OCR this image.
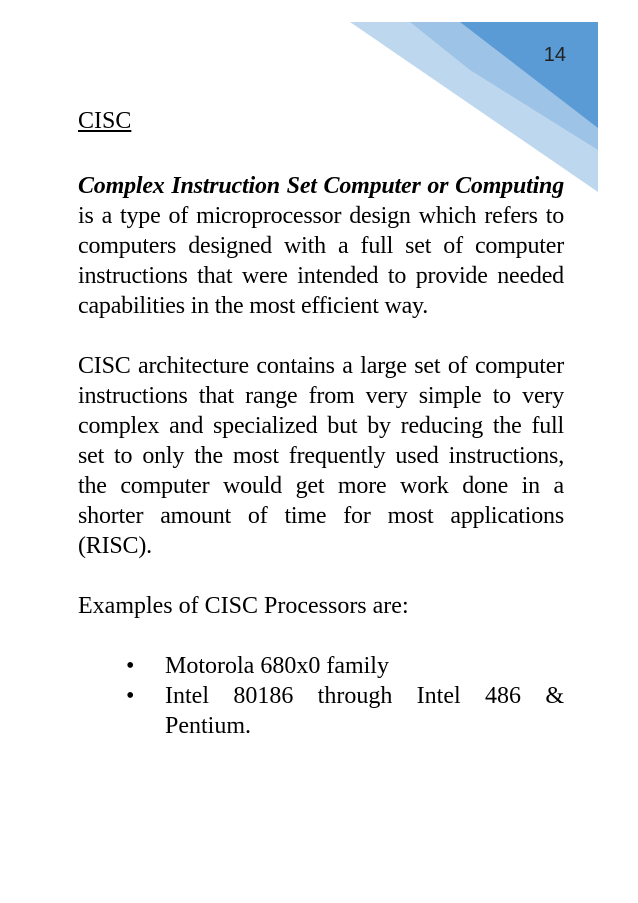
14
CISC

Complex Instruction Set Computer or Computing is a type of microprocessor design which refers to computers designed with a full set of computer instructions that were intended to provide needed capabilities in the most efficient way.

CISC architecture contains a large set of computer instructions that range from very simple to very complex and specialized but by reducing the full set to only the most frequently used instructions, the computer would get more work done in a shorter amount of time for most applications (RISC).

Examples of CISC Processors are:

• Motorola 680x0 family
• Intel 80186 through Intel 486 & Pentium.
